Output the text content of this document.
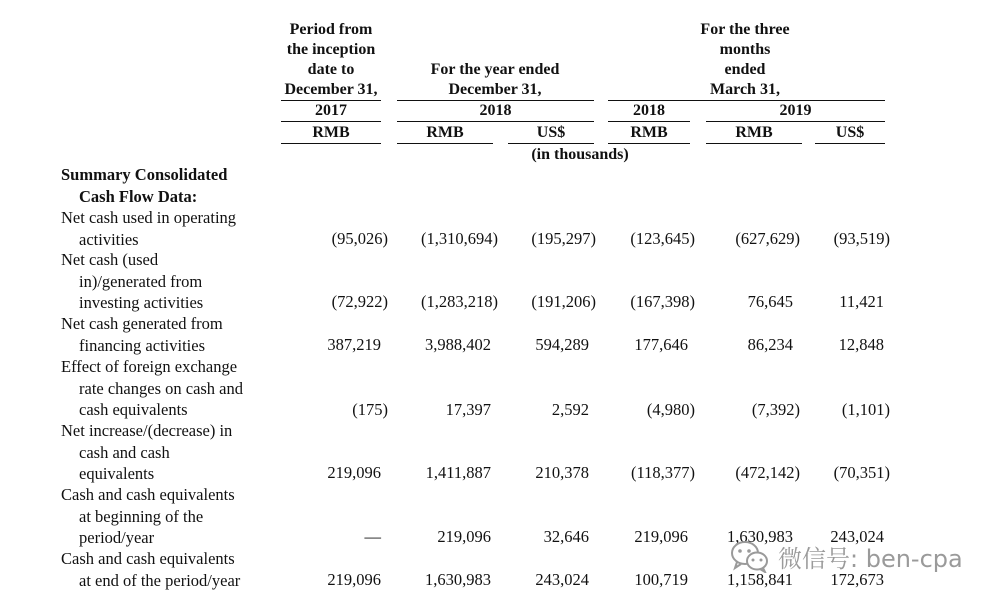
Period from
the inception
date to
December 31,
For the year ended
December 31,
For the three
months
ended
March 31,
2017	2018	2018	2019
RMB	RMB	US$	RMB	RMB	US$
(in thousands)
Summary Consolidated
Cash Flow Data:
Net cash used in operating
activities	(95,026)	(1,310,694)	(195,297)	(123,645)	(627,629)	(93,519)
Net cash (used
in)/generated from
investing activities	(72,922)	(1,283,218)	(191,206)	(167,398)	76,645	11,421
Net cash generated from
financing activities	387,219	3,988,402	594,289	177,646	86,234	12,848
Effect of foreign exchange
rate changes on cash and
cash equivalents	(175)	17,397	2,592	(4,980)	(7,392)	(1,101)
Net increase/(decrease) in
cash and cash
equivalents	219,096	1,411,887	210,378	(118,377)	(472,142)	(70,351)
Cash and cash equivalents
at beginning of the
period/year	—	219,096	32,646	219,096	1,630,983	243,024
Cash and cash equivalents
at end of the period/year	219,096	1,630,983	243,024	100,719	1,158,841	172,673
微信号: ben-cpa
